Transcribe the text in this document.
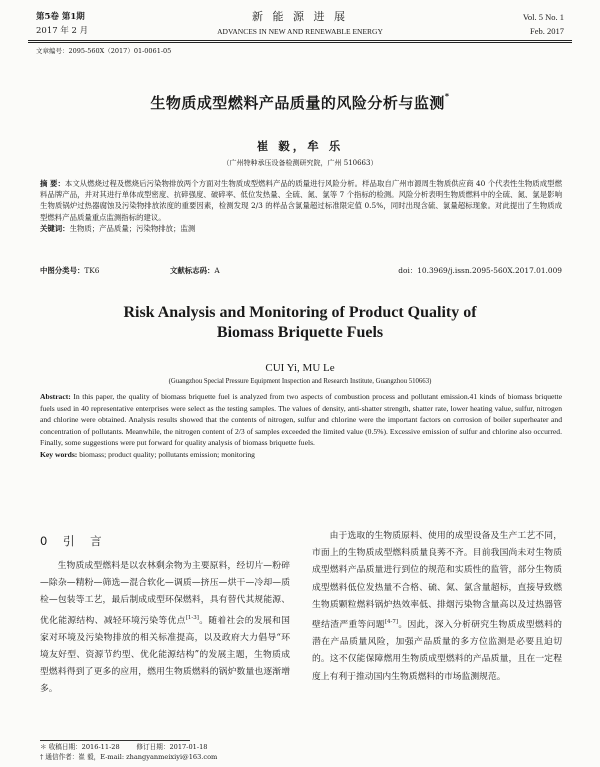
第5卷 第1期
2017 年 2 月
新 能 源 进 展
ADVANCES IN NEW AND RENEWABLE ENERGY
Vol. 5 No. 1
Feb. 2017
文章编号：2095-560X（2017）01-0061-05
生物质成型燃料产品质量的风险分析与监测*
崔 毅，牟 乐
（广州特种承压设备检测研究院，广州 510663）
摘 要：本文从燃烧过程及燃烧后污染物排放两个方面对生物质成型燃料产品的质量进行风险分析。样品取自广州市源周生物质供应商 40 个代表性生物质成型燃料品牌产品，并对其进行单体成型密度、抗碎强度、破碎率、低位发热量、全硫、氮、氯等 7 个指标的检测。风险分析表明生物质燃料中的全硫、氮、氯是影响生物质锅炉过热器腐蚀及污染物排放浓度的重要因素，检测发现 2/3 的样品含氯量超过标准限定值 0.5%，同时出现含硫、氯量超标现象。对此提出了生物质成型燃料产品质量重点监测指标的建议。
关键词：生物质；产品质量；污染物排放；监测
中图分类号：TK6	文献标志码：A	doi：10.3969/j.issn.2095-560X.2017.01.009
Risk Analysis and Monitoring of Product Quality of
Biomass Briquette Fuels
CUI Yi, MU Le
(Guangzhou Special Pressure Equipment Inspection and Research Institute, Guangzhou 510663)
Abstract: In this paper, the quality of biomass briquette fuel is analyzed from two aspects of combustion process and pollutant emission.41 kinds of biomass briquette fuels used in 40 representative enterprises were select as the testing samples. The values of density, anti-shatter strength, shatter rate, lower heating value, sulfur, nitrogen and chlorine were obtained. Analysis results showed that the contents of nitrogen, sulfur and chlorine were the important factors on corrosion of boiler superheater and concentration of pollutants. Meanwhile, the nitrogen content of 2/3 of samples exceeded the limited value (0.5%). Excessive emission of sulfur and chlorine also occurred. Finally, some suggestions were put forward for quality analysis of biomass briquette fuels.
Key words: biomass; product quality; pollutants emission; monitoring
0 引 言
生物质成型燃料是以农林剩余物为主要原料，经切片—粉碎—除杂—精粉—筛选—混合软化—调质—挤压—烘干—冷却—质检—包装等工艺，最后制成成型环保燃料，具有替代其规能源、优化能源结构、减轻环境污染等优点[1-3]。随着社会的发展和国家对环境及污染物排放的相关标准提高，以及政府大力倡导“环境友好型、资源节约型、优化能源结构”的发展主题，生物质成型燃料得到了更多的应用，燃用生物质燃料的锅炉数量也逐渐增多。
由于选取的生物质原料、使用的成型设备及生产工艺不同，市面上的生物质成型燃料质量良莠不齐。目前我国尚未对生物质成型燃料产品质量进行到位的规范和实质性的监管，部分生物质成型燃料低位发热量不合格、硫、氮、氯含量超标，直接导致燃生物质颗粒燃料锅炉热效率低、排烟污染物含量高以及过热器管壁结渣严重等问题[4-7]。因此，深入分析研究生物质成型燃料的潜在产品质量风险，加强产品质量的多方位监测是必要且迫切的。这不仅能保障燃用生物质成型燃料的产品质量，且在一定程度上有利于推动国内生物质燃料的市场监测规范。
＊ 收稿日期：2016-11-28	修订日期：2017-01-18
† 通信作者：崔 毅，E-mail: zhangyanmeixiyi@163.com
